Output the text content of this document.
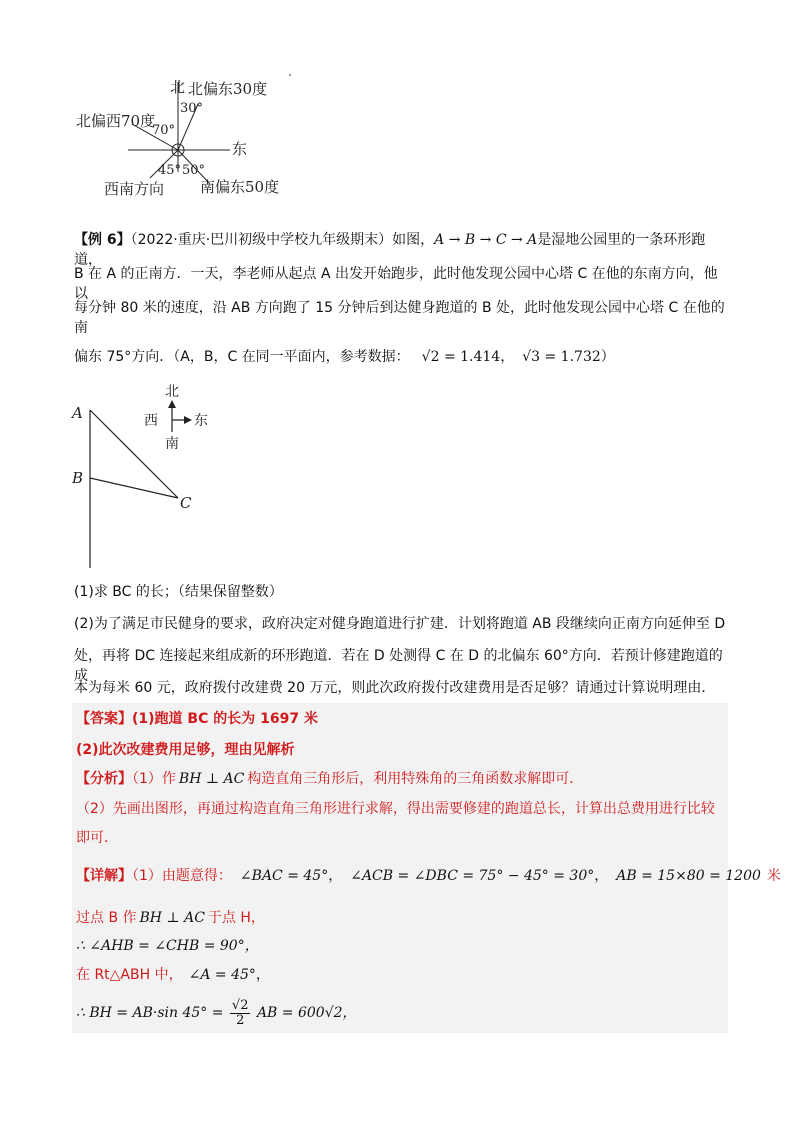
北 北偏东30度
30°
北偏西70度
70°
东
45° 50°
西南方向 南偏东50度
【例 6】（2022·重庆·巴川初级中学校九年级期末）如图，A → B → C → A是湿地公园里的一条环形跑道，
B 在 A 的正南方．一天，李老师从起点 A 出发开始跑步，此时他发现公园中心塔 C 在他的东南方向，他以
每分钟 80 米的速度，沿 AB 方向跑了 15 分钟后到达健身跑道的 B 处，此时他发现公园中心塔 C 在他的南
偏东 75°方向．（A，B，C 在同一平面内，参考数据： √2 = 1.414， √3 = 1.732）
A
B
C
北
西	东
南
(1)求 BC 的长；（结果保留整数）
(2)为了满足市民健身的要求，政府决定对健身跑道进行扩建．计划将跑道 AB 段继续向正南方向延伸至 D
处，再将 DC 连接起来组成新的环形跑道．若在 D 处测得 C 在 D 的北偏东 60°方向．若预计修建跑道的成
本为每米 60 元，政府拨付改建费 20 万元，则此次政府拨付改建费用是否足够？请通过计算说明理由．
【答案】(1)跑道 BC 的长为 1697 米
(2)此次改建费用足够，理由见解析
【分析】（1）作 BH ⊥ AC 构造直角三角形后，利用特殊角的三角函数求解即可．
（2）先画出图形，再通过构造直角三角形进行求解，得出需要修建的跑道总长，计算出总费用进行比较
即可．
【详解】（1）由题意得： ∠BAC = 45°， ∠ACB = ∠DBC = 75° − 45° = 30°， AB = 15×80 = 1200 米
过点 B 作 BH ⊥ AC 于点 H，
∴ ∠AHB = ∠CHB = 90°，
在 Rt△ABH 中， ∠A = 45°，
∴ BH = AB·sin $45^\circ = \frac{√2}{2}$ AB = 600√2，
